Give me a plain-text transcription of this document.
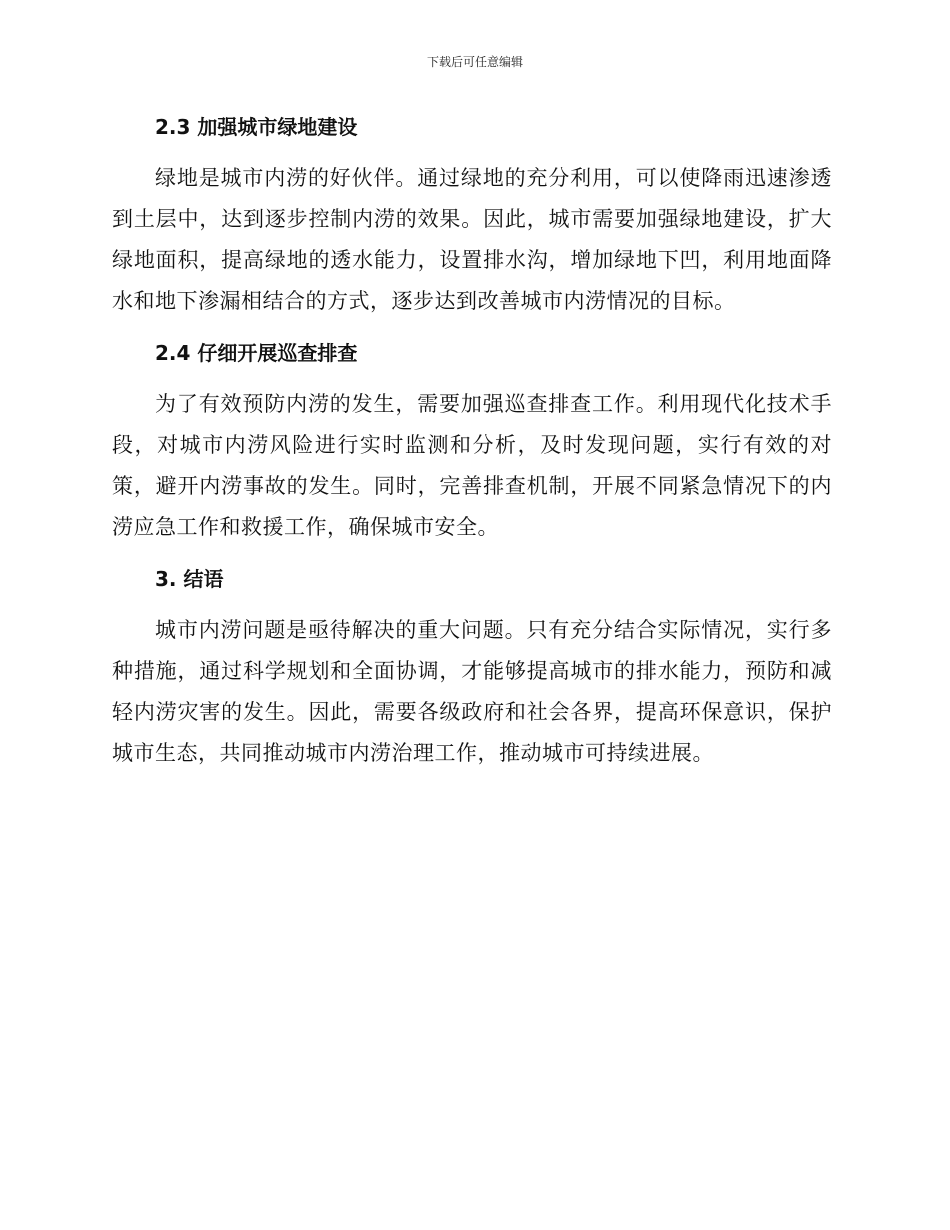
下载后可任意编辑
2.3 加强城市绿地建设

绿地是城市内涝的好伙伴。通过绿地的充分利用，可以使降雨迅速渗透到土层中，达到逐步控制内涝的效果。因此，城市需要加强绿地建设，扩大绿地面积，提高绿地的透水能力，设置排水沟，增加绿地下凹，利用地面降水和地下渗漏相结合的方式，逐步达到改善城市内涝情况的目标。

2.4 仔细开展巡查排查

为了有效预防内涝的发生，需要加强巡查排查工作。利用现代化技术手段，对城市内涝风险进行实时监测和分析，及时发现问题，实行有效的对策，避开内涝事故的发生。同时，完善排查机制，开展不同紧急情况下的内涝应急工作和救援工作，确保城市安全。

3. 结语

城市内涝问题是亟待解决的重大问题。只有充分结合实际情况，实行多种措施，通过科学规划和全面协调，才能够提高城市的排水能力，预防和减轻内涝灾害的发生。因此，需要各级政府和社会各界，提高环保意识，保护城市生态，共同推动城市内涝治理工作，推动城市可持续进展。
